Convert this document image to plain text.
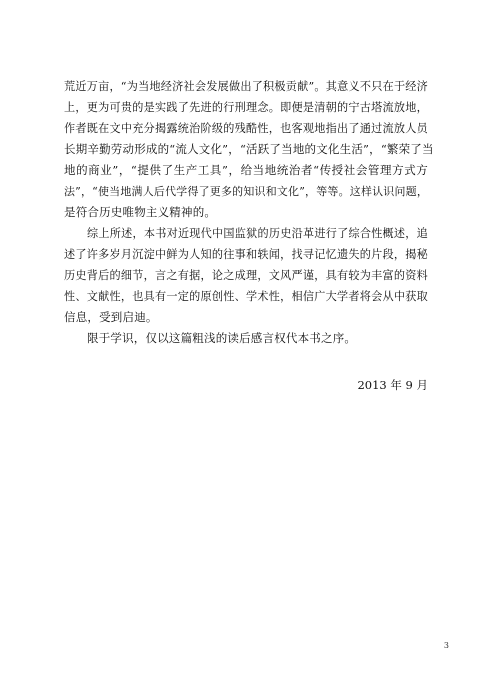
荒近万亩，“为当地经济社会发展做出了积极贡献”。其意义不只在于经济
上，更为可贵的是实践了先进的行刑理念。即便是清朝的宁古塔流放地，
作者既在文中充分揭露统治阶级的残酷性，也客观地指出了通过流放人员
长期辛勤劳动形成的“流人文化”，“活跃了当地的文化生活”，“繁荣了当
地的商业”，“提供了生产工具”，给当地统治者“传授社会管理方式方
法”，“使当地满人后代学得了更多的知识和文化”，等等。这样认识问题，
是符合历史唯物主义精神的。
综上所述，本书对近现代中国监狱的历史沿革进行了综合性概述，追
述了许多岁月沉淀中鲜为人知的往事和轶闻，找寻记忆遗失的片段，揭秘
历史背后的细节，言之有据，论之成理，文风严谨，具有较为丰富的资料
性、文献性，也具有一定的原创性、学术性，相信广大学者将会从中获取
信息，受到启迪。
限于学识，仅以这篇粗浅的读后感言权代本书之序。
2013 年 9 月
3
